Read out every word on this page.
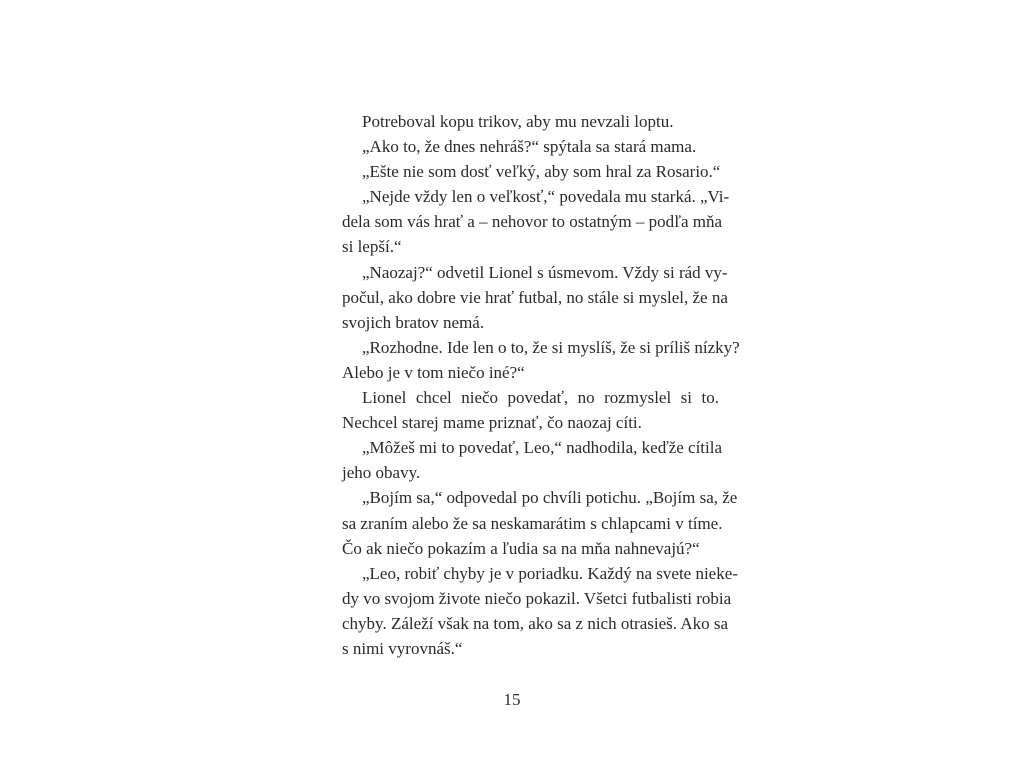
Potreboval kopu trikov, aby mu nevzali loptu.
„Ako to, že dnes nehráš?“ spýtala sa stará mama.
„Ešte nie som dosť veľký, aby som hral za Rosario.“
„Nejde vždy len o veľkosť,“ povedala mu starká. „Vi-
dela som vás hrať a – nehovor to ostatným – podľa mňa
si lepší.“
„Naozaj?“ odvetil Lionel s úsmevom. Vždy si rád vy-
počul, ako dobre vie hrať futbal, no stále si myslel, že na
svojich bratov nemá.
„Rozhodne. Ide len o to, že si myslíš, že si príliš nízky?
Alebo je v tom niečo iné?“
Lionel chcel niečo povedať, no rozmyslel si to.
Nechcel starej mame priznať, čo naozaj cíti.
„Môžeš mi to povedať, Leo,“ nadhodila, keďže cítila
jeho obavy.
„Bojím sa,“ odpovedal po chvíli potichu. „Bojím sa, že
sa zraním alebo že sa neskamarátim s chlapcami v tíme.
Čo ak niečo pokazím a ľudia sa na mňa nahnevajú?“
„Leo, robiť chyby je v poriadku. Každý na svete nieke-
dy vo svojom živote niečo pokazil. Všetci futbalisti robia
chyby. Záleží však na tom, ako sa z nich otrasieš. Ako sa
s nimi vyrovnáš.“
15
